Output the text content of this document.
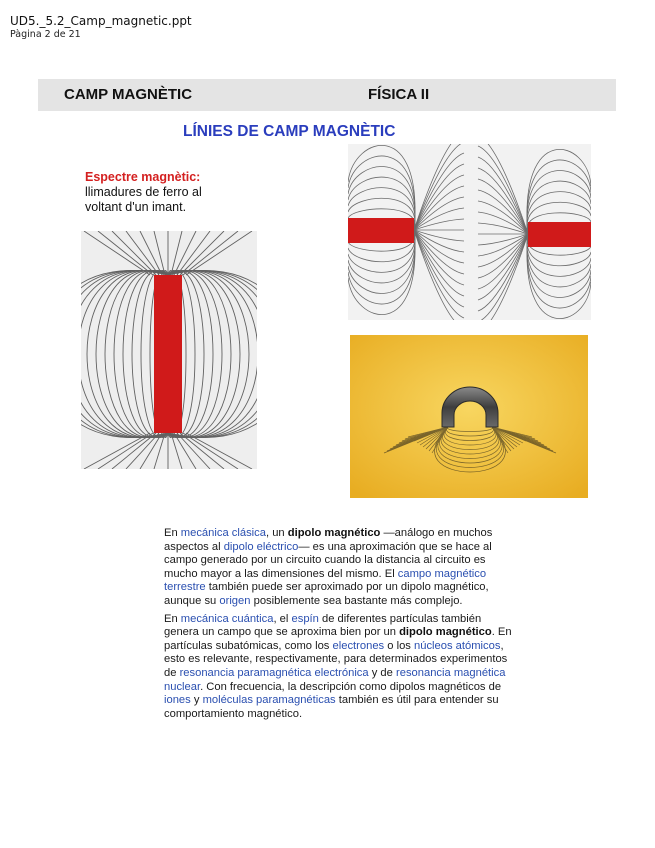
UD5._5.2_Camp_magnetic.ppt
Pàgina 2 de 21
CAMP MAGNÈTIC	FÍSICA II
LÍNIES DE CAMP MAGNÈTIC
Espectre magnètic:
llimadures de ferro al
voltant d'un imant.

En mecánica clásica, un dipolo magnético —análogo en muchos aspectos al dipolo eléctrico— es una aproximación que se hace al campo generado por un circuito cuando la distancia al circuito es mucho mayor a las dimensiones del mismo. El campo magnético terrestre también puede ser aproximado por un dipolo magnético, aunque su origen posiblemente sea bastante más complejo.

En mecánica cuántica, el espín de diferentes partículas también genera un campo que se aproxima bien por un dipolo magnético. En partículas subatómicas, como los electrones o los núcleos atómicos, esto es relevante, respectivamente, para determinados experimentos de resonancia paramagnética electrónica y de resonancia magnética nuclear. Con frecuencia, la descripción como dipolos magnéticos de iones y moléculas paramagnéticas también es útil para entender su comportamiento magnético.
